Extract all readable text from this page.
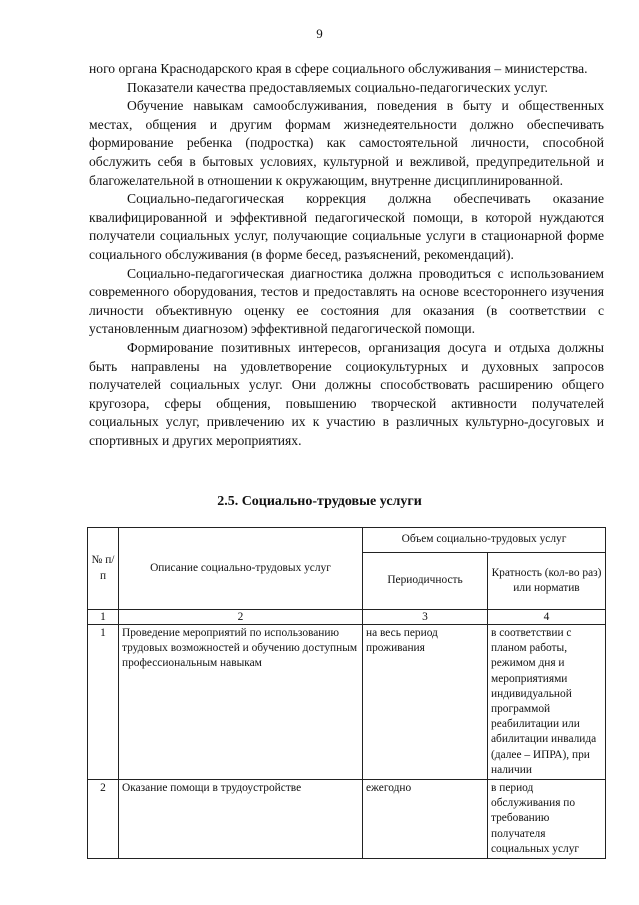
9

ного органа Краснодарского края в сфере социального обслуживания – министерства.

Показатели качества предоставляемых социально-педагогических услуг.

Обучение навыкам самообслуживания, поведения в быту и общественных местах, общения и другим формам жизнедеятельности должно обеспечивать формирование ребенка (подростка) как самостоятельной личности, способной обслужить себя в бытовых условиях, культурной и вежливой, предупредительной и благожелательной в отношении к окружающим, внутренне дисциплинированной.

Социально-педагогическая коррекция должна обеспечивать оказание квалифицированной и эффективной педагогической помощи, в которой нуждаются получатели социальных услуг, получающие социальные услуги в стационарной форме социального обслуживания (в форме бесед, разъяснений, рекомендаций).

Социально-педагогическая диагностика должна проводиться с использованием современного оборудования, тестов и предоставлять на основе всестороннего изучения личности объективную оценку ее состояния для оказания (в соответствии с установленным диагнозом) эффективной педагогической помощи.

Формирование позитивных интересов, организация досуга и отдыха должны быть направлены на удовлетворение социокультурных и духовных запросов получателей социальных услуг. Они должны способствовать расширению общего кругозора, сферы общения, повышению творческой активности получателей социальных услуг, привлечению их к участию в различных культурно-досуговых и спортивных и других мероприятиях.

2.5. Социально-трудовые услуги
№ п/п	Описание социально-трудовых услуг	Объем социально-трудовых услуг	
		Периодичность	Кратность (кол-во раз) или норматив
1	2	3	4
1	Проведение мероприятий по использованию трудовых возможностей и обучению доступным профессиональным навыкам	на весь период проживания	в соответствии с планом работы, режимом дня и мероприятиями индивидуальной программой реабилитации или абилитации инвалида (далее – ИПРА), при наличии
2	Оказание помощи в трудоустройстве	ежегодно	в период обслуживания по требованию получателя социальных услуг
